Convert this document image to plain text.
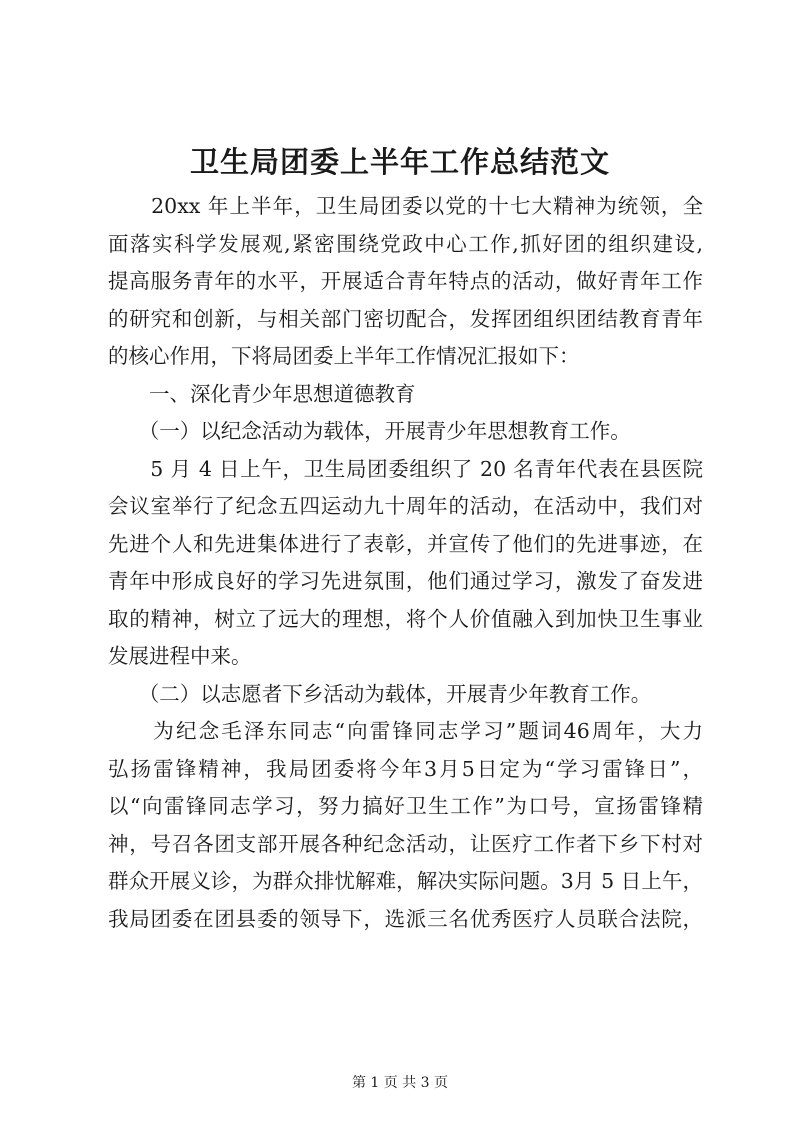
卫生局团委上半年工作总结范文
　　20xx 年上半年，卫生局团委以党的十七大精神为统领，全
面落实科学发展观,紧密围绕党政中心工作,抓好团的组织建设,
提高服务青年的水平，开展适合青年特点的活动，做好青年工作
的研究和创新，与相关部门密切配合，发挥团组织团结教育青年
的核心作用，下将局团委上半年工作情况汇报如下：
　　一、深化青少年思想道德教育
　　（一）以纪念活动为载体，开展青少年思想教育工作。
　　5 月 4 日上午，卫生局团委组织了 20 名青年代表在县医院
会议室举行了纪念五四运动九十周年的活动，在活动中，我们对
先进个人和先进集体进行了表彰，并宣传了他们的先进事迹，在
青年中形成良好的学习先进氛围，他们通过学习，激发了奋发进
取的精神，树立了远大的理想，将个人价值融入到加快卫生事业
发展进程中来。
　　（二）以志愿者下乡活动为载体，开展青少年教育工作。
　　为纪念毛泽东同志“向雷锋同志学习”题词46周年，大力
弘扬雷锋精神，我局团委将今年3月5日定为“学习雷锋日”，
以“向雷锋同志学习，努力搞好卫生工作”为口号，宣扬雷锋精
神，号召各团支部开展各种纪念活动，让医疗工作者下乡下村对
群众开展义诊，为群众排忧解难，解决实际问题。3月 5 日上午，
我局团委在团县委的领导下，选派三名优秀医疗人员联合法院，
第 1 页 共 3 页
